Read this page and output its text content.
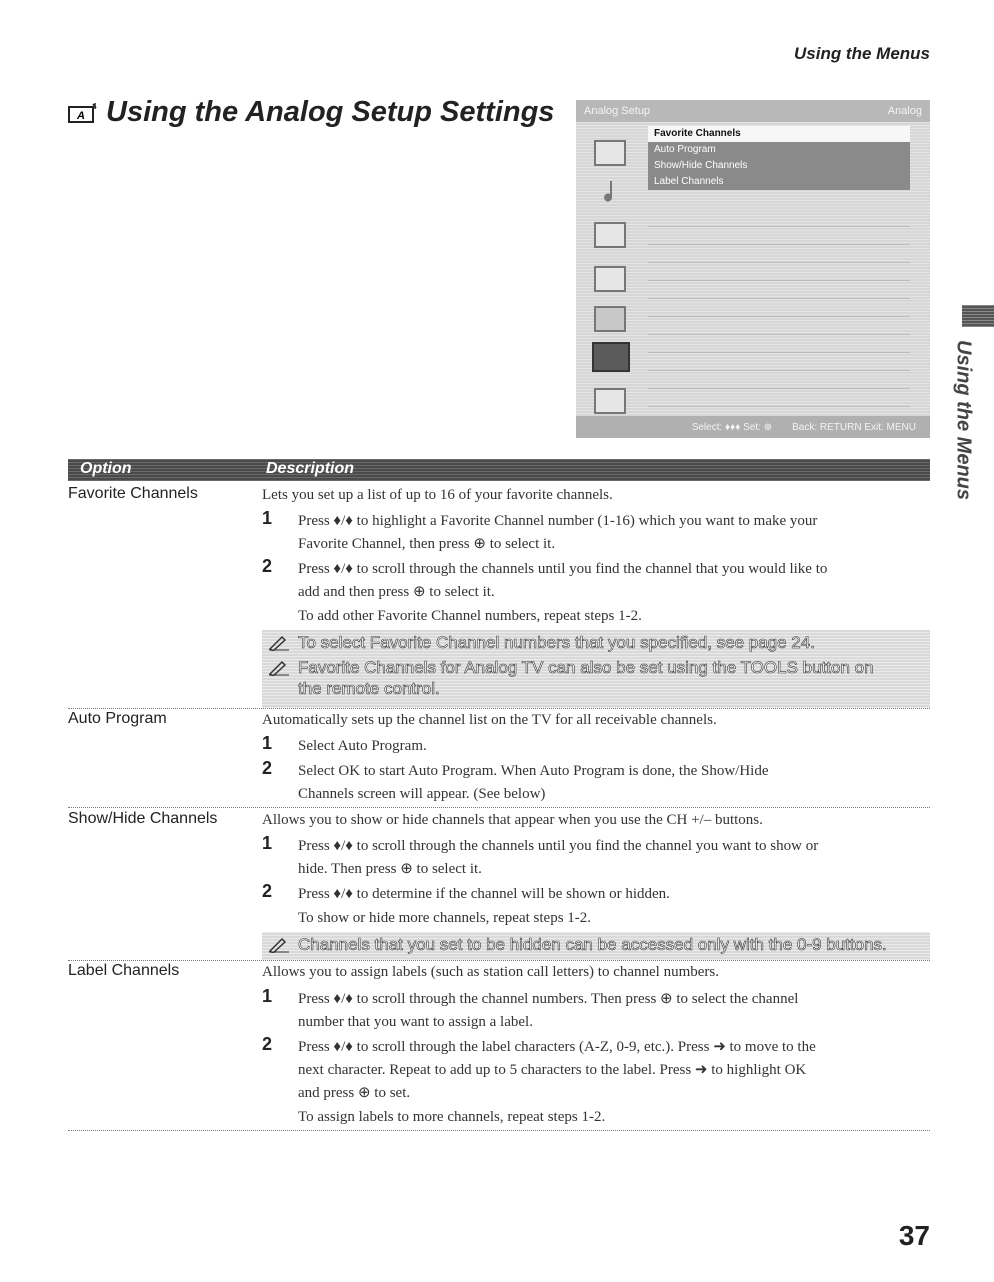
Using the Menus
A Using the Analog Setup Settings	Analog Setup	Analog
Favorite Channels
Auto Program
Show/Hide Channels
Label Channels
Select: ♦♦♦ Set: ⊕ Back: RETURN Exit: MENU Using the Menus
Option	Description
Favorite Channels	Lets you set up a list of up to 16 of your favorite channels.
1 Press ♦/♦ to highlight a Favorite Channel number (1-16) which you want to make your
Favorite Channel, then press ⊕ to select it.
2 Press ♦/♦ to scroll through the channels until you find the channel that you would like to
add and then press ⊕ to select it.
To add other Favorite Channel numbers, repeat steps 1-2.
To select Favorite Channel numbers that you specified, see page 24.
Favorite Channels for Analog TV can also be set using the TOOLS button on
the remote control.
Auto Program	Automatically sets up the channel list on the TV for all receivable channels.
1 Select Auto Program.
2 Select OK to start Auto Program. When Auto Program is done, the Show/Hide
Channels screen will appear. (See below)
Show/Hide Channels	Allows you to show or hide channels that appear when you use the CH +/– buttons.
1 Press ♦/♦ to scroll through the channels until you find the channel you want to show or
hide. Then press ⊕ to select it.
2 Press ♦/♦ to determine if the channel will be shown or hidden.
To show or hide more channels, repeat steps 1-2.
Channels that you set to be hidden can be accessed only with the 0-9 buttons.
Label Channels	Allows you to assign labels (such as station call letters) to channel numbers.
1 Press ♦/♦ to scroll through the channel numbers. Then press ⊕ to select the channel
number that you want to assign a label.
2 Press ♦/♦ to scroll through the label characters (A-Z, 0-9, etc.). Press ➜ to move to the
next character. Repeat to add up to 5 characters to the label. Press ➜ to highlight OK
and press ⊕ to set.
To assign labels to more channels, repeat steps 1-2.
37
